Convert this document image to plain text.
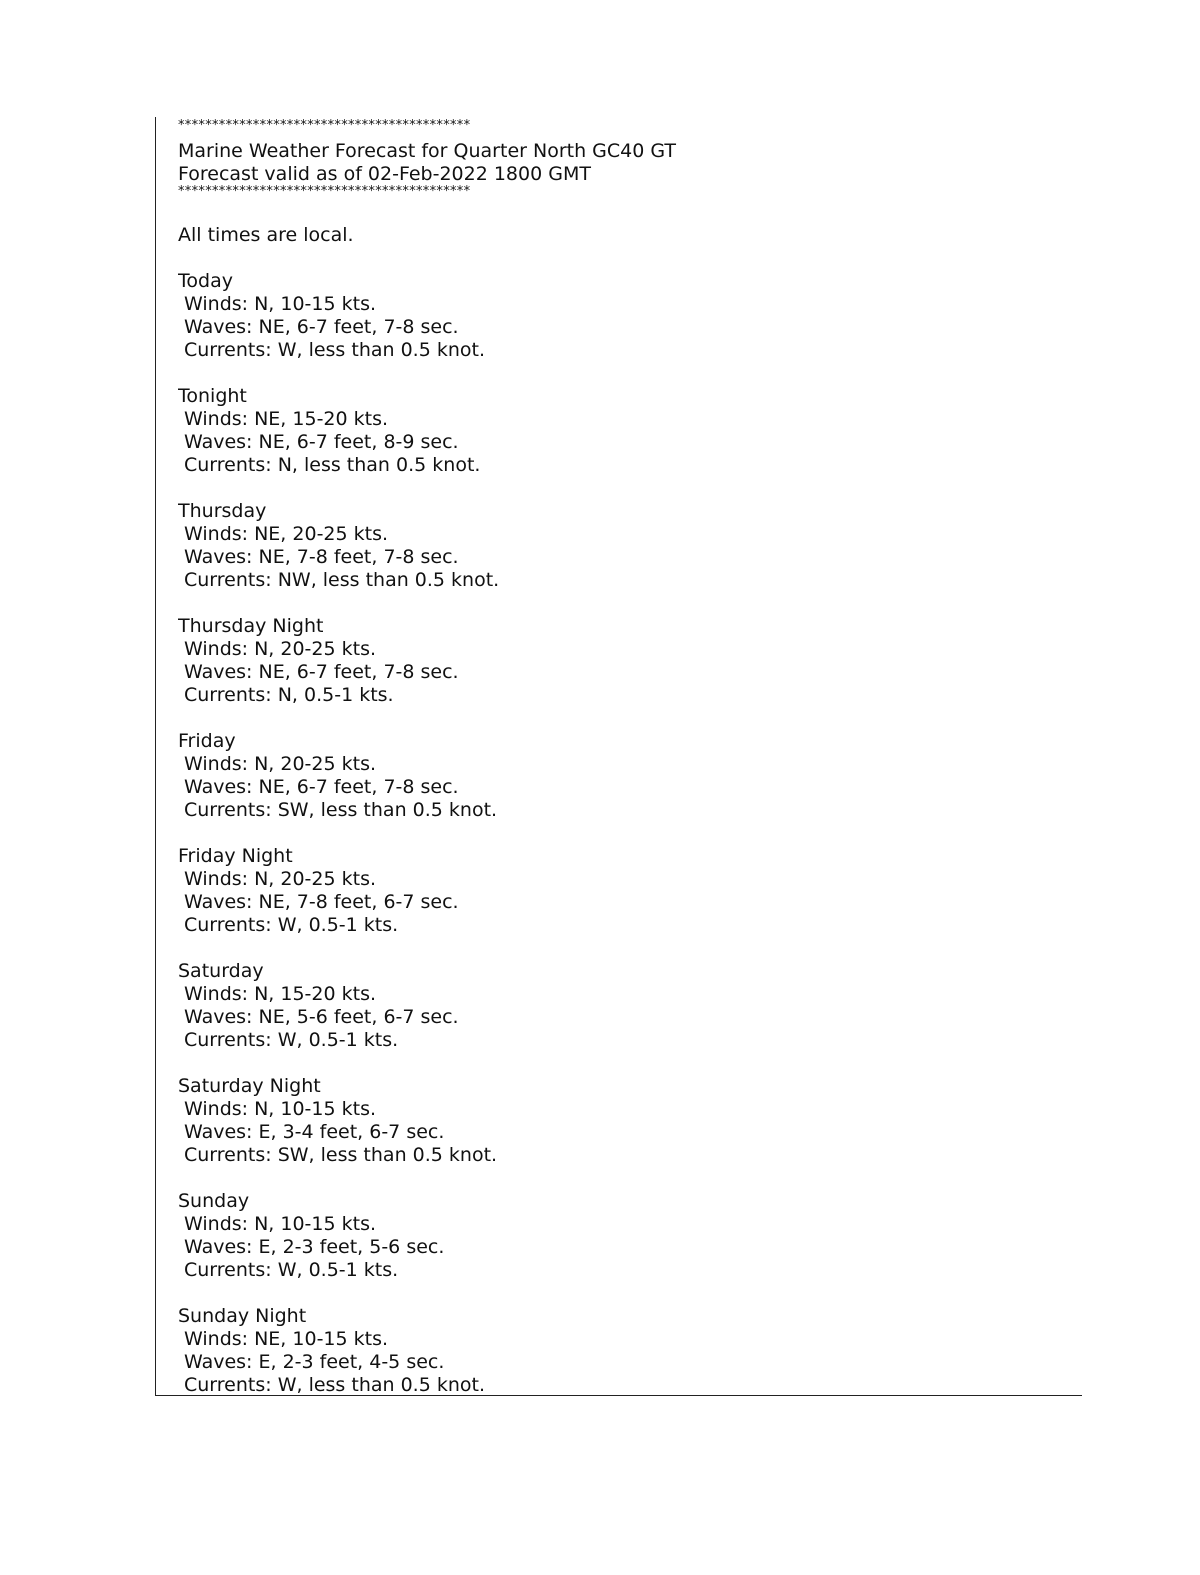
*******************************************
Marine Weather Forecast for Quarter North GC40 GT
Forecast valid as of 02-Feb-2022 1800 GMT
*******************************************
All times are local.
Today
Winds: N, 10-15 kts.
Waves: NE, 6-7 feet, 7-8 sec.
Currents: W, less than 0.5 knot.
Tonight
Winds: NE, 15-20 kts.
Waves: NE, 6-7 feet, 8-9 sec.
Currents: N, less than 0.5 knot.
Thursday
Winds: NE, 20-25 kts.
Waves: NE, 7-8 feet, 7-8 sec.
Currents: NW, less than 0.5 knot.
Thursday Night
Winds: N, 20-25 kts.
Waves: NE, 6-7 feet, 7-8 sec.
Currents: N, 0.5-1 kts.
Friday
Winds: N, 20-25 kts.
Waves: NE, 6-7 feet, 7-8 sec.
Currents: SW, less than 0.5 knot.
Friday Night
Winds: N, 20-25 kts.
Waves: NE, 7-8 feet, 6-7 sec.
Currents: W, 0.5-1 kts.
Saturday
Winds: N, 15-20 kts.
Waves: NE, 5-6 feet, 6-7 sec.
Currents: W, 0.5-1 kts.
Saturday Night
Winds: N, 10-15 kts.
Waves: E, 3-4 feet, 6-7 sec.
Currents: SW, less than 0.5 knot.
Sunday
Winds: N, 10-15 kts.
Waves: E, 2-3 feet, 5-6 sec.
Currents: W, 0.5-1 kts.
Sunday Night
Winds: NE, 10-15 kts.
Waves: E, 2-3 feet, 4-5 sec.
Currents: W, less than 0.5 knot.
